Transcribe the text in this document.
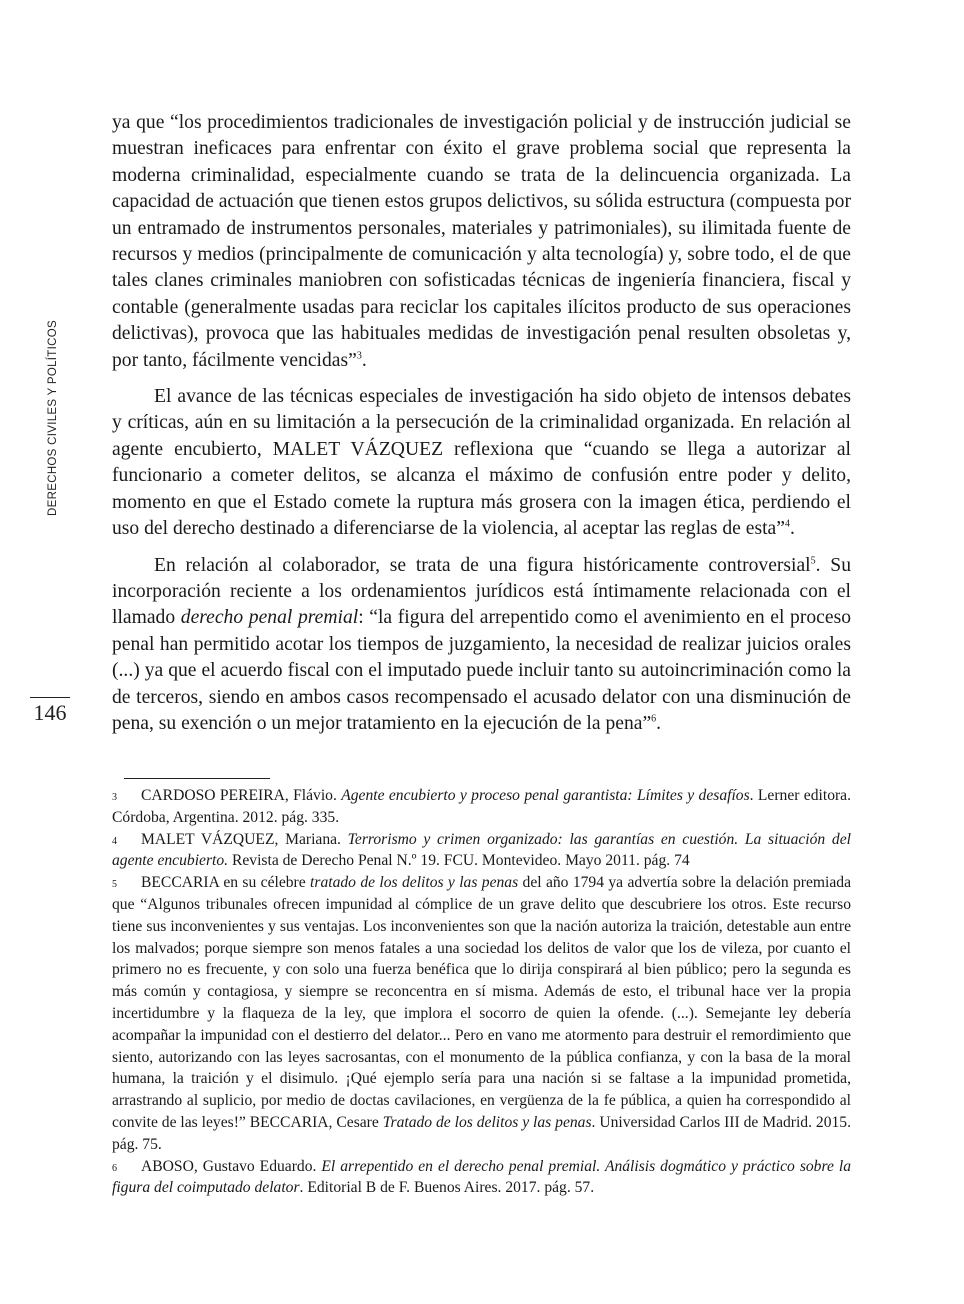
DERECHOS CIVILES Y POLÍTICOS
146

ya que “los procedimientos tradicionales de investigación policial y de instrucción judicial se muestran ineficaces para enfrentar con éxito el grave problema social que representa la moderna criminalidad, especialmente cuando se trata de la delincuencia organizada. La capacidad de actuación que tienen estos grupos delictivos, su sólida estructura (compuesta por un entramado de instrumentos personales, materiales y patrimoniales), su ilimitada fuente de recursos y medios (principalmente de comunicación y alta tecnología) y, sobre todo, el de que tales clanes criminales maniobren con sofisticadas técnicas de ingeniería financiera, fiscal y contable (generalmente usadas para reciclar los capitales ilícitos producto de sus operaciones delictivas), provoca que las habituales medidas de investigación penal resulten obsoletas y, por tanto, fácilmente vencidas”$^3$.

El avance de las técnicas especiales de investigación ha sido objeto de intensos debates y críticas, aún en su limitación a la persecución de la criminalidad organizada. En relación al agente encubierto, MALET VÁZQUEZ reflexiona que “cuando se llega a autorizar al funcionario a cometer delitos, se alcanza el máximo de confusión entre poder y delito, momento en que el Estado comete la ruptura más grosera con la imagen ética, perdiendo el uso del derecho destinado a diferenciarse de la violencia, al aceptar las reglas de esta”$^4$.

En relación al colaborador, se trata de una figura históricamente controversial$^5$. Su incorporación reciente a los ordenamientos jurídicos está íntimamente relacionada con el llamado derecho penal premial: “la figura del arrepentido como el avenimiento en el proceso penal han permitido acotar los tiempos de juzgamiento, la necesidad de realizar juicios orales (...) ya que el acuerdo fiscal con el imputado puede incluir tanto su autoincriminación como la de terceros, siendo en ambos casos recompensado el acusado delator con una disminución de pena, su exención o un mejor tratamiento en la ejecución de la pena”$^6$.

3 CARDOSO PEREIRA, Flávio. Agente encubierto y proceso penal garantista: Límites y desafíos. Lerner editora. Córdoba, Argentina. 2012. pág. 335.

4 MALET VÁZQUEZ, Mariana. Terrorismo y crimen organizado: las garantías en cuestión. La situación del agente encubierto. Revista de Derecho Penal N.º 19. FCU. Montevideo. Mayo 2011. pág. 74

5 BECCARIA en su célebre tratado de los delitos y las penas del año 1794 ya advertía sobre la delación premiada que “Algunos tribunales ofrecen impunidad al cómplice de un grave delito que descubriere los otros. Este recurso tiene sus inconvenientes y sus ventajas. Los inconvenientes son que la nación autoriza la traición, detestable aun entre los malvados; porque siempre son menos fatales a una sociedad los delitos de valor que los de vileza, por cuanto el primero no es frecuente, y con solo una fuerza benéfica que lo dirija conspirará al bien público; pero la segunda es más común y contagiosa, y siempre se reconcentra en sí misma. Además de esto, el tribunal hace ver la propia incertidumbre y la flaqueza de la ley, que implora el socorro de quien la ofende. (...). Semejante ley debería acompañar la impunidad con el destierro del delator... Pero en vano me atormento para destruir el remordimiento que siento, autorizando con las leyes sacrosantas, con el monumento de la pública confianza, y con la basa de la moral humana, la traición y el disimulo. ¡Qué ejemplo sería para una nación si se faltase a la impunidad prometida, arrastrando al suplicio, por medio de doctas cavilaciones, en vergüenza de la fe pública, a quien ha correspondido al convite de las leyes!” BECCARIA, Cesare Tratado de los delitos y las penas. Universidad Carlos III de Madrid. 2015. pág. 75.

6 ABOSO, Gustavo Eduardo. El arrepentido en el derecho penal premial. Análisis dogmático y práctico sobre la figura del coimputado delator. Editorial B de F. Buenos Aires. 2017. pág. 57.
